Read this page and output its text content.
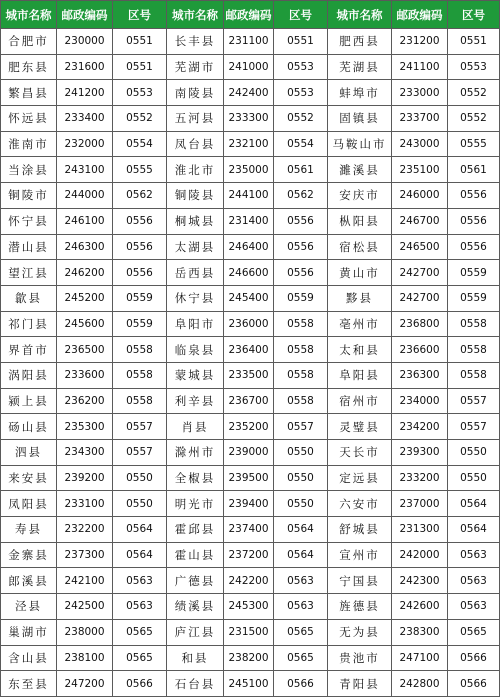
城市名称	邮政编码	区号	城市名称	邮政编码	区号	城市名称	邮政编码	区号
合肥市	230000	0551	长丰县	231100	0551	肥西县	231200	0551
肥东县	231600	0551	芜湖市	241000	0553	芜湖县	241100	0553
繁昌县	241200	0553	南陵县	242400	0553	蚌埠市	233000	0552
怀远县	233400	0552	五河县	233300	0552	固镇县	233700	0552
淮南市	232000	0554	凤台县	232100	0554	马鞍山市	243000	0555
当涂县	243100	0555	淮北市	235000	0561	濉溪县	235100	0561
铜陵市	244000	0562	铜陵县	244100	0562	安庆市	246000	0556
怀宁县	246100	0556	桐城县	231400	0556	枞阳县	246700	0556
潜山县	246300	0556	太湖县	246400	0556	宿松县	246500	0556
望江县	246200	0556	岳西县	246600	0556	黄山市	242700	0559
歙县	245200	0559	休宁县	245400	0559	黟县	242700	0559
祁门县	245600	0559	阜阳市	236000	0558	亳州市	236800	0558
界首市	236500	0558	临泉县	236400	0558	太和县	236600	0558
涡阳县	233600	0558	蒙城县	233500	0558	阜阳县	236300	0558
颍上县	236200	0558	利辛县	236700	0558	宿州市	234000	0557
砀山县	235300	0557	肖县	235200	0557	灵璧县	234200	0557
泗县	234300	0557	滁州市	239000	0550	天长市	239300	0550
来安县	239200	0550	全椒县	239500	0550	定远县	233200	0550
凤阳县	233100	0550	明光市	239400	0550	六安市	237000	0564
寿县	232200	0564	霍邱县	237400	0564	舒城县	231300	0564
金寨县	237300	0564	霍山县	237200	0564	宣州市	242000	0563
郎溪县	242100	0563	广德县	242200	0563	宁国县	242300	0563
泾县	242500	0563	绩溪县	245300	0563	旌德县	242600	0563
巢湖市	238000	0565	庐江县	231500	0565	无为县	238300	0565
含山县	238100	0565	和县	238200	0565	贵池市	247100	0566
东至县	247200	0566	石台县	245100	0566	青阳县	242800	0566
